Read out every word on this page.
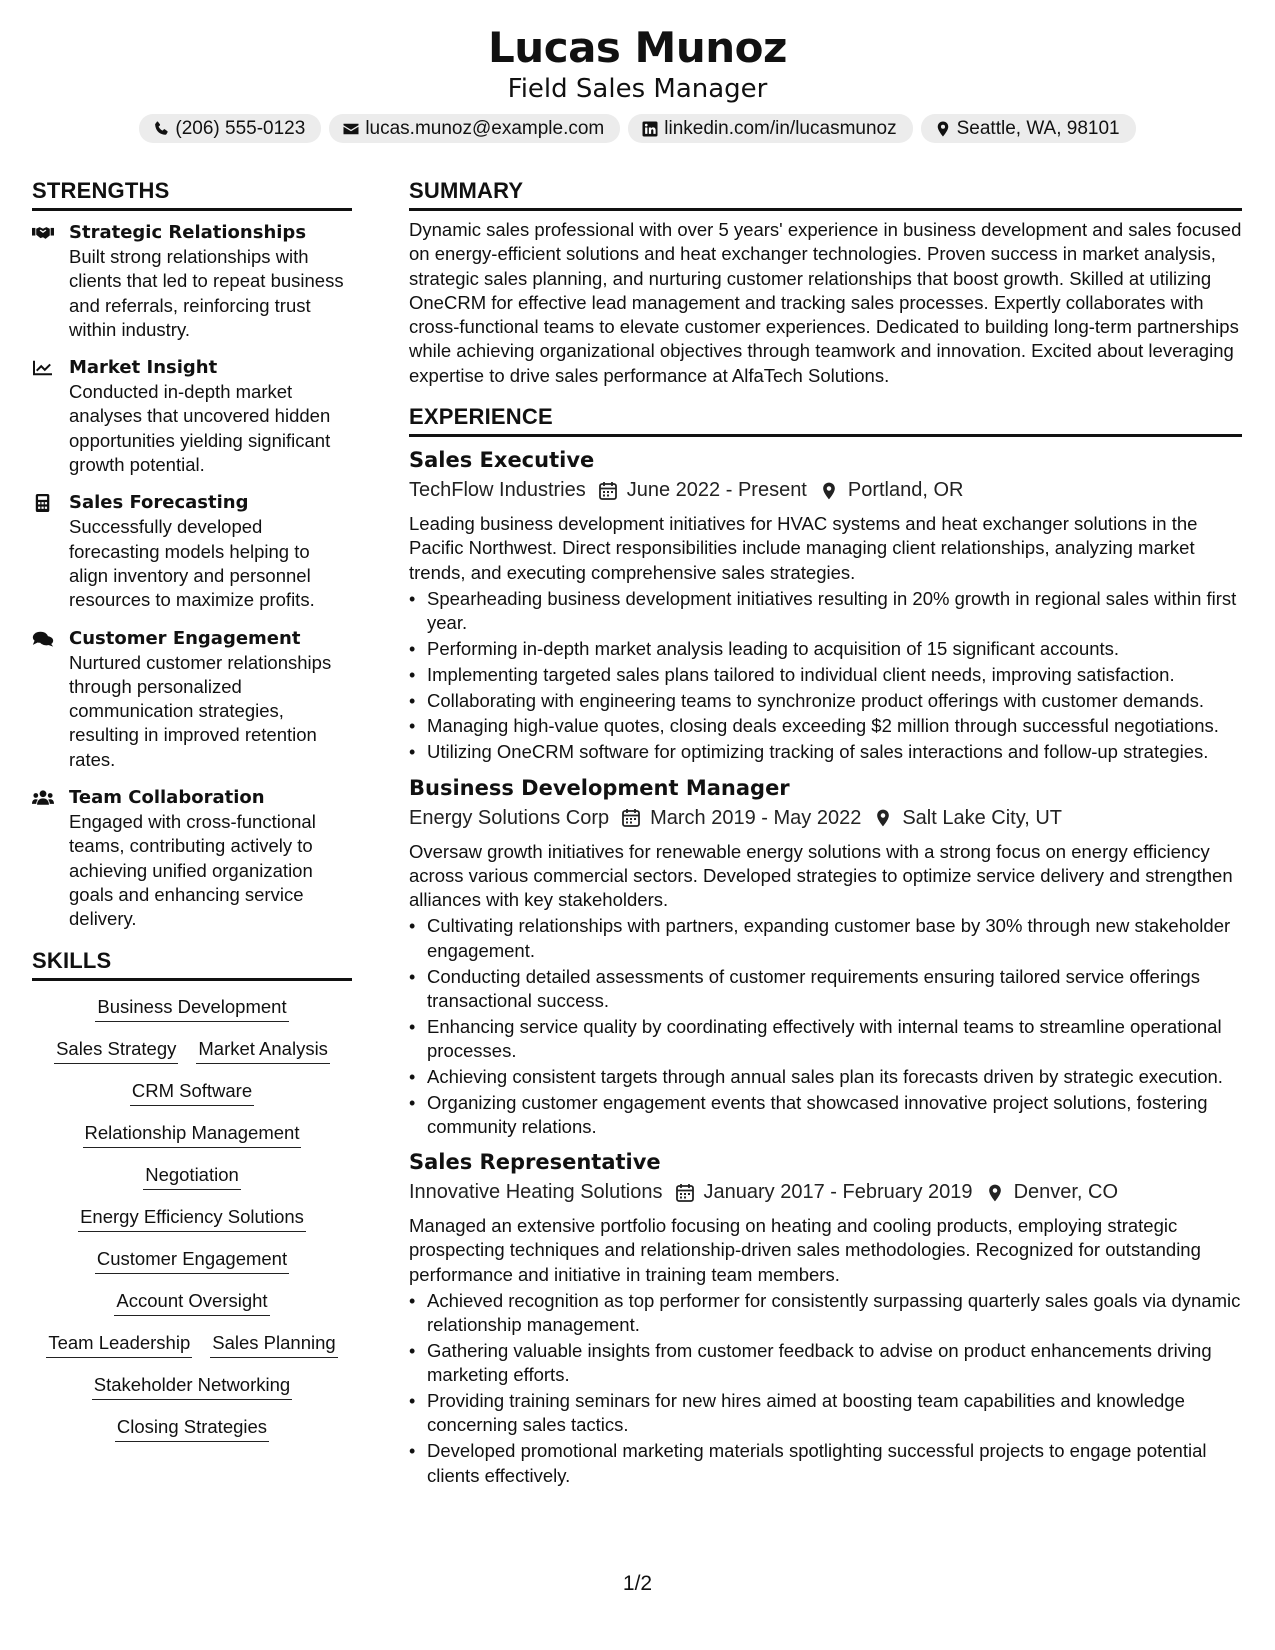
Lucas Munoz
Field Sales Manager
(206) 555-0123	lucas.munoz@example.com	linkedin.com/in/lucasmunoz	Seattle, WA, 98101
STRENGTHS
Strategic Relationships
Built strong relationships with clients that led to repeat business and referrals, reinforcing trust within industry.
Market Insight
Conducted in-depth market analyses that uncovered hidden opportunities yielding significant growth potential.
Sales Forecasting
Successfully developed forecasting models helping to align inventory and personnel resources to maximize profits.
Customer Engagement
Nurtured customer relationships through personalized communication strategies, resulting in improved retention rates.
Team Collaboration
Engaged with cross-functional teams, contributing actively to achieving unified organization goals and enhancing service delivery.
SKILLS
Business Development
Sales Strategy Market Analysis
CRM Software
Relationship Management
Negotiation
Energy Efficiency Solutions
Customer Engagement
Account Oversight
Team Leadership Sales Planning
Stakeholder Networking
Closing Strategies
SUMMARY
Dynamic sales professional with over 5 years' experience in business development and sales focused on energy-efficient solutions and heat exchanger technologies. Proven success in market analysis, strategic sales planning, and nurturing customer relationships that boost growth. Skilled at utilizing OneCRM for effective lead management and tracking sales processes. Expertly collaborates with cross-functional teams to elevate customer experiences. Dedicated to building long-term partnerships while achieving organizational objectives through teamwork and innovation. Excited about leveraging expertise to drive sales performance at AlfaTech Solutions.
EXPERIENCE
Sales Executive
TechFlow Industries June 2022 - Present Portland, OR
Leading business development initiatives for HVAC systems and heat exchanger solutions in the Pacific Northwest. Direct responsibilities include managing client relationships, analyzing market trends, and executing comprehensive sales strategies.
• Spearheading business development initiatives resulting in 20% growth in regional sales within first year.
• Performing in-depth market analysis leading to acquisition of 15 significant accounts.
• Implementing targeted sales plans tailored to individual client needs, improving satisfaction.
• Collaborating with engineering teams to synchronize product offerings with customer demands.
• Managing high-value quotes, closing deals exceeding $2 million through successful negotiations.
• Utilizing OneCRM software for optimizing tracking of sales interactions and follow-up strategies.
Business Development Manager
Energy Solutions Corp March 2019 - May 2022 Salt Lake City, UT
Oversaw growth initiatives for renewable energy solutions with a strong focus on energy efficiency across various commercial sectors. Developed strategies to optimize service delivery and strengthen alliances with key stakeholders.
• Cultivating relationships with partners, expanding customer base by 30% through new stakeholder engagement.
• Conducting detailed assessments of customer requirements ensuring tailored service offerings transactional success.
• Enhancing service quality by coordinating effectively with internal teams to streamline operational processes.
• Achieving consistent targets through annual sales plan its forecasts driven by strategic execution.
• Organizing customer engagement events that showcased innovative project solutions, fostering community relations.
Sales Representative
Innovative Heating Solutions January 2017 - February 2019 Denver, CO
Managed an extensive portfolio focusing on heating and cooling products, employing strategic prospecting techniques and relationship-driven sales methodologies. Recognized for outstanding performance and initiative in training team members.
• Achieved recognition as top performer for consistently surpassing quarterly sales goals via dynamic relationship management.
• Gathering valuable insights from customer feedback to advise on product enhancements driving marketing efforts.
• Providing training seminars for new hires aimed at boosting team capabilities and knowledge concerning sales tactics.
• Developed promotional marketing materials spotlighting successful projects to engage potential clients effectively.
1/2
